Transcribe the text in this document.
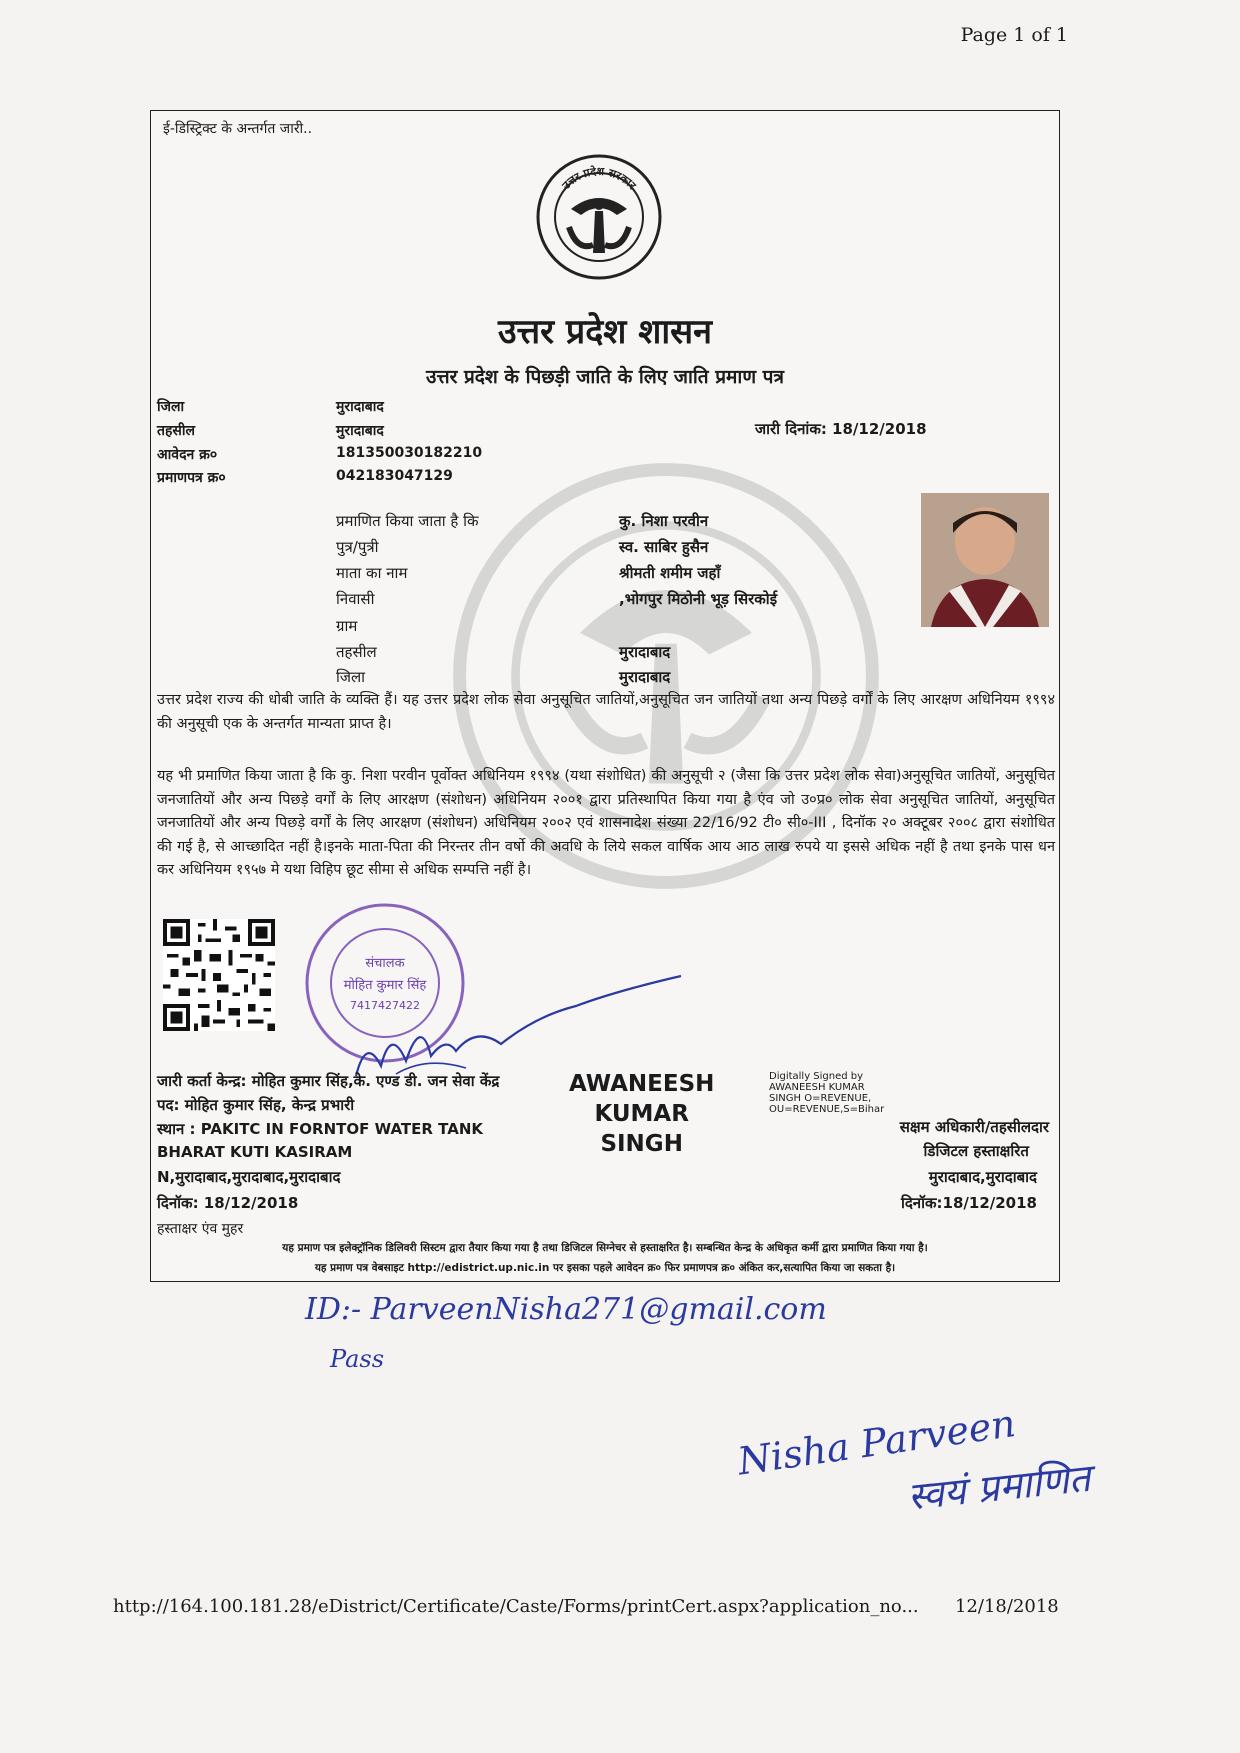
Page 1 of 1
ई-डिस्ट्रिक्ट के अन्तर्गत जारी..
उत्तर प्रदेश सरकार
उत्तर प्रदेश शासन
उत्तर प्रदेश के पिछड़ी जाति के लिए जाति प्रमाण पत्र
जिला	मुरादाबाद
तहसील	मुरादाबाद	जारी दिनांक: 18/12/2018
आवेदन क्र०	181350030182210
प्रमाणपत्र क्र०	042183047129
प्रमाणित किया जाता है कि	कु. निशा परवीन
पुत्र/पुत्री	स्व. साबिर हुसैन
माता का नाम	श्रीमती शमीम जहाँ
निवासी	,भोगपुर मिठोनी भूड़ सिरकोई
ग्राम
तहसील	मुरादाबाद
जिला	मुरादाबाद
उत्तर प्रदेश राज्य की धोबी जाति के व्यक्ति हैं। यह उत्तर प्रदेश लोक सेवा अनुसूचित जातियों,अनुसूचित जन जातियों तथा अन्य पिछड़े वर्गों के लिए आरक्षण अधिनियम १९९४ की अनुसूची एक के अन्तर्गत मान्यता प्राप्त है।
यह भी प्रमाणित किया जाता है कि कु. निशा परवीन पूर्वोक्त अधिनियम १९९४ (यथा संशोधित) की अनुसूची २ (जैसा कि उत्तर प्रदेश लोक सेवा)अनुसूचित जातियों, अनुसूचित जनजातियों और अन्य पिछड़े वर्गों के लिए आरक्षण (संशोधन) अधिनियम २००१ द्वारा प्रतिस्थापित किया गया है एंव जो उ०प्र० लोक सेवा अनुसूचित जातियों, अनुसूचित जनजातियों और अन्य पिछड़े वर्गों के लिए आरक्षण (संशोधन) अधिनियम २००२ एवं शासनादेश संख्या 22/16/92 टी० सी०-III , दिनॉक २० अक्टूबर २००८ द्वारा संशोधित की गई है, से आच्छादित नहीं है।इनके माता-पिता की निरन्तर तीन वर्षो की अवधि के लिये सकल वार्षिक आय आठ लाख रुपये या इससे अधिक नहीं है तथा इनके पास धन कर अधिनियम १९५७ मे यथा विहिप छूट सीमा से अधिक सम्पत्ति नहीं है।
संचालक
मोहित कुमार सिंह
7417427422
जारी कर्ता केन्द्र: मोहित कुमार सिंह,के. एण्ड डी. जन सेवा केंद्र
पद: मोहित कुमार सिंह, केन्द्र प्रभारी
स्थान : PAKITC IN FORNTOF WATER TANK
BHARAT KUTI KASIRAM
N,मुरादाबाद,मुरादाबाद,मुरादाबाद
दिनॉक: 18/12/2018
हस्ताक्षर एंव मुहर
AWANEESH
KUMAR
SINGH
Digitally Signed by
AWANEESH KUMAR
SINGH O=REVENUE,
OU=REVENUE,S=Bihar
सक्षम अधिकारी/तहसीलदार
डिजिटल हस्ताक्षरित
मुरादाबाद,मुरादाबाद
दिनॉक:18/12/2018
यह प्रमाण पत्र इलेक्ट्रॉनिक डिलिवरी सिस्टम द्वारा तैयार किया गया है तथा डिजिटल सिग्नेचर से हस्ताक्षरित है। सम्बन्धित केन्द्र के अधिकृत कर्मी द्वारा प्रमाणित किया गया है।
यह प्रमाण पत्र वेबसाइट http://edistrict.up.nic.in पर इसका पहले आवेदन क्र० फिर प्रमाणपत्र क्र० अंकित कर,सत्यापित किया जा सकता है।
ID:- ParveenNisha271@gmail.com
Pass
Nisha Parveen
स्वयं प्रमाणित
http://164.100.181.28/eDistrict/Certificate/Caste/Forms/printCert.aspx?application_no... 12/18/2018
